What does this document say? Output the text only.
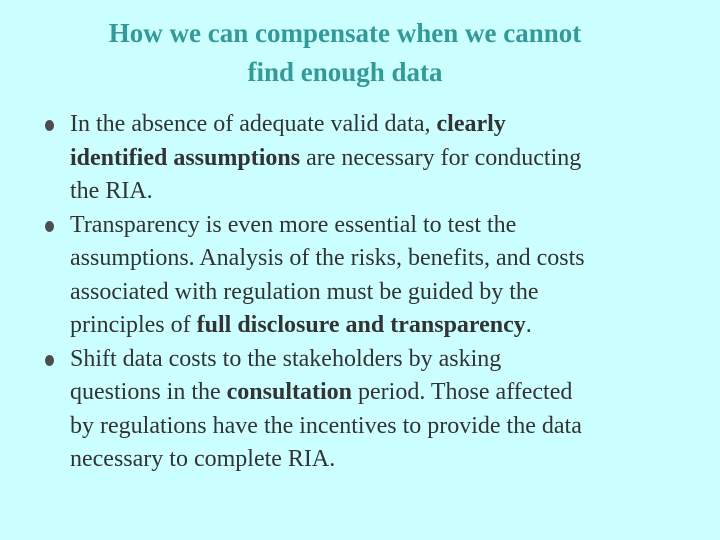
How we can compensate when we cannot
find enough data
In the absence of adequate valid data, clearly
identified assumptions are necessary for conducting
the RIA.
Transparency is even more essential to test the
assumptions. Analysis of the risks, benefits, and costs
associated with regulation must be guided by the
principles of full disclosure and transparency.
Shift data costs to the stakeholders by asking
questions in the consultation period. Those affected
by regulations have the incentives to provide the data
necessary to complete RIA.
